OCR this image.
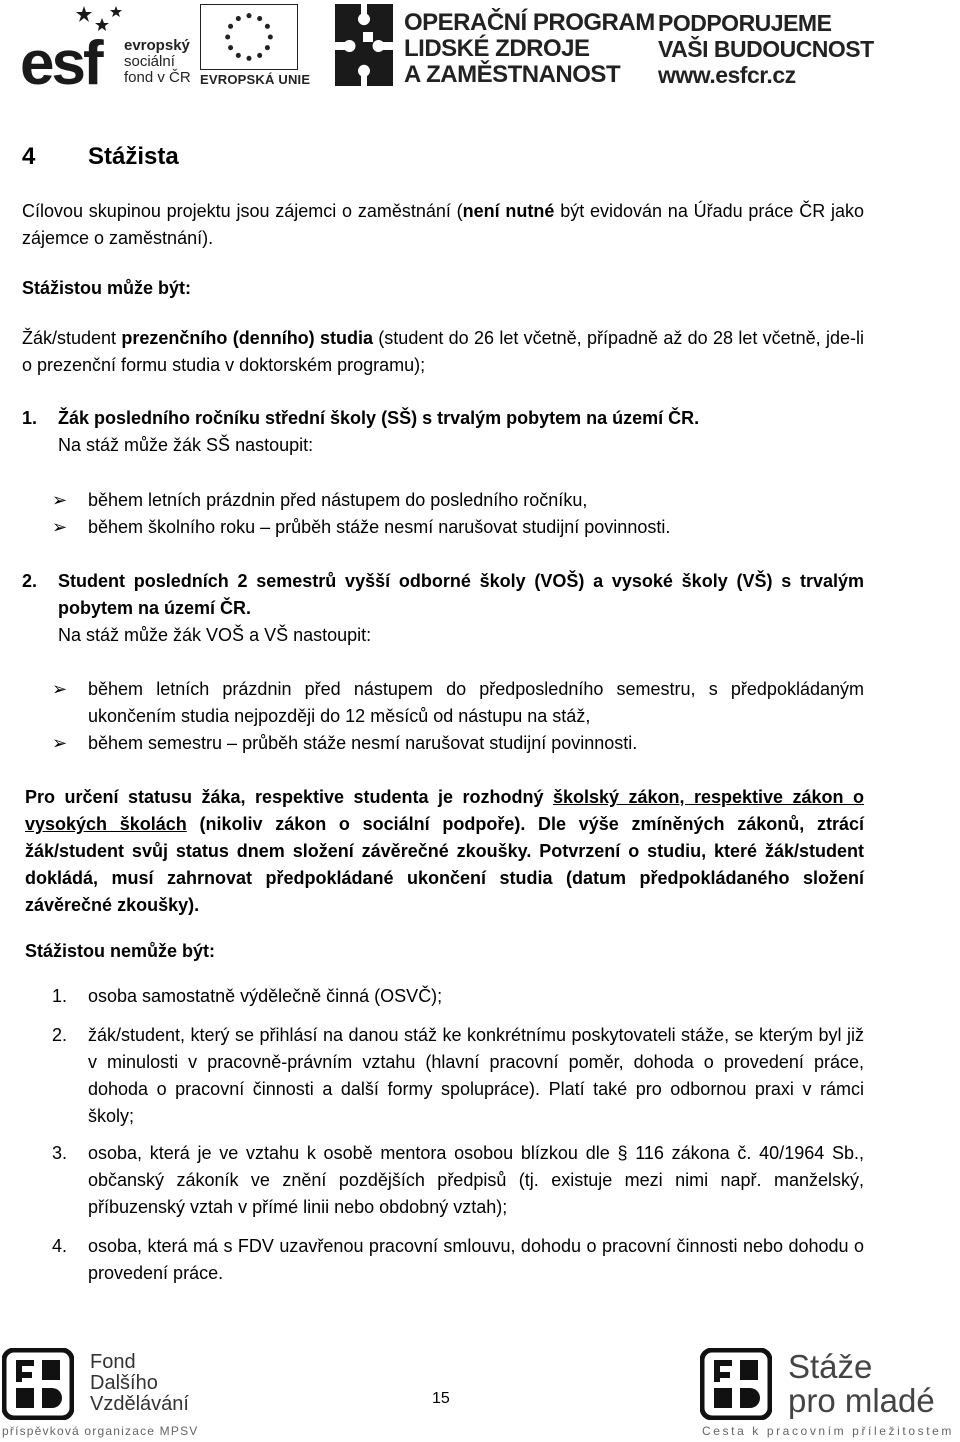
esf evropský
sociální
fond v ČR EVROPSKÁ UNIE
OPERAČNÍ PROGRAM
LIDSKÉ ZDROJE
A ZAMĚSTNANOST
PODPORUJEME
VAŠI BUDOUCNOST
www.esfcr.cz
4 Stážista
Cílovou skupinou projektu jsou zájemci o zaměstnání (není nutné být evidován na Úřadu práce ČR jako zájemce o zaměstnání).
Stážistou může být:
Žák/student prezenčního (denního) studia (student do 26 let včetně, případně až do 28 let včetně, jde-li o prezenční formu studia v doktorském programu);
1.	Žák posledního ročníku střední školy (SŠ) s trvalým pobytem na území ČR.
Na stáž může žák SŠ nastoupit:
➢	během letních prázdnin před nástupem do posledního ročníku,
➢	během školního roku – průběh stáže nesmí narušovat studijní povinnosti.
2.	Student posledních 2 semestrů vyšší odborné školy (VOŠ) a vysoké školy (VŠ) s trvalým pobytem na území ČR.
Na stáž může žák VOŠ a VŠ nastoupit:
➢	během letních prázdnin před nástupem do předposledního semestru, s předpokládaným ukončením studia nejpozději do 12 měsíců od nástupu na stáž,
➢	během semestru – průběh stáže nesmí narušovat studijní povinnosti.
Pro určení statusu žáka, respektive studenta je rozhodný školský zákon, respektive zákon o vysokých školách (nikoliv zákon o sociální podpoře). Dle výše zmíněných zákonů, ztrácí žák/student svůj status dnem složení závěrečné zkoušky. Potvrzení o studiu, které žák/student dokládá, musí zahrnovat předpokládané ukončení studia (datum předpokládaného složení závěrečné zkoušky).
Stážistou nemůže být:
1.	osoba samostatně výdělečně činná (OSVČ);
2.	žák/student, který se přihlásí na danou stáž ke konkrétnímu poskytovateli stáže, se kterým byl již v minulosti v pracovně-právním vztahu (hlavní pracovní poměr, dohoda o provedení práce, dohoda o pracovní činnosti a další formy spolupráce). Platí také pro odbornou praxi v rámci školy;
3.	osoba, která je ve vztahu k osobě mentora osobou blízkou dle § 116 zákona č. 40/1964 Sb., občanský zákoník ve znění pozdějších předpisů (tj. existuje mezi nimi např. manželský, příbuzenský vztah v přímé linii nebo obdobný vztah);
4.	osoba, která má s FDV uzavřenou pracovní smlouvu, dohodu o pracovní činnosti nebo dohodu o provedení práce.
Fond
Dalšího
Vzdělávání
příspěvková organizace MPSV
15
Stáže
pro mladé
Cesta k pracovním příležitostem
